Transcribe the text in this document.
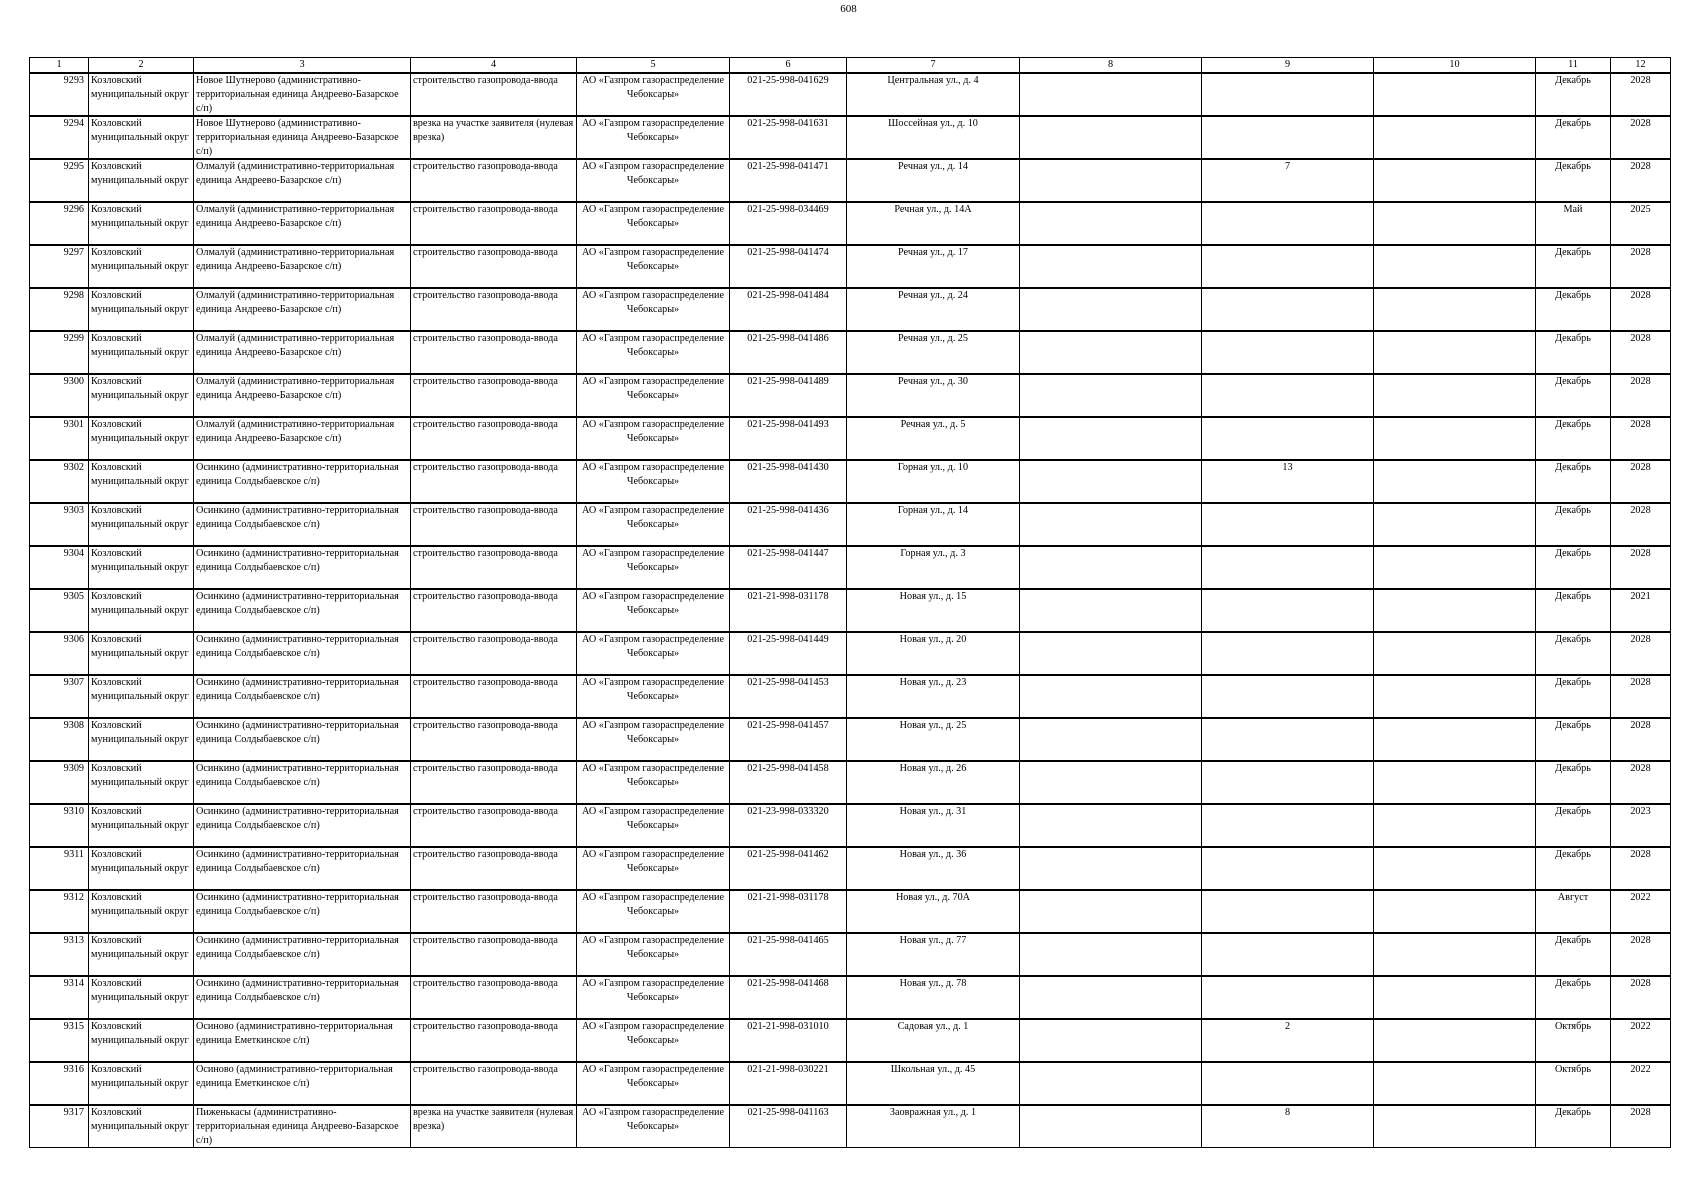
608
1	2	3	4	5	6	7	8	9	10	11	12

9293	Козловский муниципальный округ	Новое Шутнерово (административно-территориальная единица Андреево-Базарское с/п)	строительство газопровода-ввода	АО «Газпром газораспределение Чебоксары»	021-25-998-041629	Центральная ул., д. 4				Декабрь	2028

9294	Козловский муниципальный округ	Новое Шутнерово (административно-территориальная единица Андреево-Базарское с/п)	врезка на участке заявителя (нулевая врезка)	АО «Газпром газораспределение Чебоксары»	021-25-998-041631	Шоссейная ул., д. 10				Декабрь	2028

9295	Козловский муниципальный округ	Олмалуй (административно-территориальная единица Андреево-Базарское с/п)	строительство газопровода-ввода	АО «Газпром газораспределение Чебоксары»	021-25-998-041471	Речная ул., д. 14		7		Декабрь	2028

9296	Козловский муниципальный округ	Олмалуй (административно-территориальная единица Андреево-Базарское с/п)	строительство газопровода-ввода	АО «Газпром газораспределение Чебоксары»	021-25-998-034469	Речная ул., д. 14А				Май	2025

9297	Козловский муниципальный округ	Олмалуй (административно-территориальная единица Андреево-Базарское с/п)	строительство газопровода-ввода	АО «Газпром газораспределение Чебоксары»	021-25-998-041474	Речная ул., д. 17				Декабрь	2028

9298	Козловский муниципальный округ	Олмалуй (административно-территориальная единица Андреево-Базарское с/п)	строительство газопровода-ввода	АО «Газпром газораспределение Чебоксары»	021-25-998-041484	Речная ул., д. 24				Декабрь	2028

9299	Козловский муниципальный округ	Олмалуй (административно-территориальная единица Андреево-Базарское с/п)	строительство газопровода-ввода	АО «Газпром газораспределение Чебоксары»	021-25-998-041486	Речная ул., д. 25				Декабрь	2028

9300	Козловский муниципальный округ	Олмалуй (административно-территориальная единица Андреево-Базарское с/п)	строительство газопровода-ввода	АО «Газпром газораспределение Чебоксары»	021-25-998-041489	Речная ул., д. 30				Декабрь	2028

9301	Козловский муниципальный округ	Олмалуй (административно-территориальная единица Андреево-Базарское с/п)	строительство газопровода-ввода	АО «Газпром газораспределение Чебоксары»	021-25-998-041493	Речная ул., д. 5				Декабрь	2028

9302	Козловский муниципальный округ	Осинкино (административно-территориальная единица Солдыбаевское с/п)	строительство газопровода-ввода	АО «Газпром газораспределение Чебоксары»	021-25-998-041430	Горная ул., д. 10		13		Декабрь	2028

9303	Козловский муниципальный округ	Осинкино (административно-территориальная единица Солдыбаевское с/п)	строительство газопровода-ввода	АО «Газпром газораспределение Чебоксары»	021-25-998-041436	Горная ул., д. 14				Декабрь	2028

9304	Козловский муниципальный округ	Осинкино (административно-территориальная единица Солдыбаевское с/п)	строительство газопровода-ввода	АО «Газпром газораспределение Чебоксары»	021-25-998-041447	Горная ул., д. 3				Декабрь	2028

9305	Козловский муниципальный округ	Осинкино (административно-территориальная единица Солдыбаевское с/п)	строительство газопровода-ввода	АО «Газпром газораспределение Чебоксары»	021-21-998-031178	Новая ул., д. 15				Декабрь	2021

9306	Козловский муниципальный округ	Осинкино (административно-территориальная единица Солдыбаевское с/п)	строительство газопровода-ввода	АО «Газпром газораспределение Чебоксары»	021-25-998-041449	Новая ул., д. 20				Декабрь	2028

9307	Козловский муниципальный округ	Осинкино (административно-территориальная единица Солдыбаевское с/п)	строительство газопровода-ввода	АО «Газпром газораспределение Чебоксары»	021-25-998-041453	Новая ул., д. 23				Декабрь	2028

9308	Козловский муниципальный округ	Осинкино (административно-территориальная единица Солдыбаевское с/п)	строительство газопровода-ввода	АО «Газпром газораспределение Чебоксары»	021-25-998-041457	Новая ул., д. 25				Декабрь	2028

9309	Козловский муниципальный округ	Осинкино (административно-территориальная единица Солдыбаевское с/п)	строительство газопровода-ввода	АО «Газпром газораспределение Чебоксары»	021-25-998-041458	Новая ул., д. 26				Декабрь	2028

9310	Козловский муниципальный округ	Осинкино (административно-территориальная единица Солдыбаевское с/п)	строительство газопровода-ввода	АО «Газпром газораспределение Чебоксары»	021-23-998-033320	Новая ул., д. 31				Декабрь	2023

9311	Козловский муниципальный округ	Осинкино (административно-территориальная единица Солдыбаевское с/п)	строительство газопровода-ввода	АО «Газпром газораспределение Чебоксары»	021-25-998-041462	Новая ул., д. 36				Декабрь	2028

9312	Козловский муниципальный округ	Осинкино (административно-территориальная единица Солдыбаевское с/п)	строительство газопровода-ввода	АО «Газпром газораспределение Чебоксары»	021-21-998-031178	Новая ул., д. 70А				Август	2022

9313	Козловский муниципальный округ	Осинкино (административно-территориальная единица Солдыбаевское с/п)	строительство газопровода-ввода	АО «Газпром газораспределение Чебоксары»	021-25-998-041465	Новая ул., д. 77				Декабрь	2028

9314	Козловский муниципальный округ	Осинкино (административно-территориальная единица Солдыбаевское с/п)	строительство газопровода-ввода	АО «Газпром газораспределение Чебоксары»	021-25-998-041468	Новая ул., д. 78				Декабрь	2028

9315	Козловский муниципальный округ	Осиново (административно-территориальная единица Еметкинское с/п)	строительство газопровода-ввода	АО «Газпром газораспределение Чебоксары»	021-21-998-031010	Садовая ул., д. 1		2		Октябрь	2022

9316	Козловский муниципальный округ	Осиново (административно-территориальная единица Еметкинское с/п)	строительство газопровода-ввода	АО «Газпром газораспределение Чебоксары»	021-21-998-030221	Школьная ул., д. 45				Октябрь	2022

9317	Козловский муниципальный округ	Пиженькасы (административно-территориальная единица Андреево-Базарское с/п)	врезка на участке заявителя (нулевая врезка)	АО «Газпром газораспределение Чебоксары»	021-25-998-041163	Заовражная ул., д. 1		8		Декабрь	2028
